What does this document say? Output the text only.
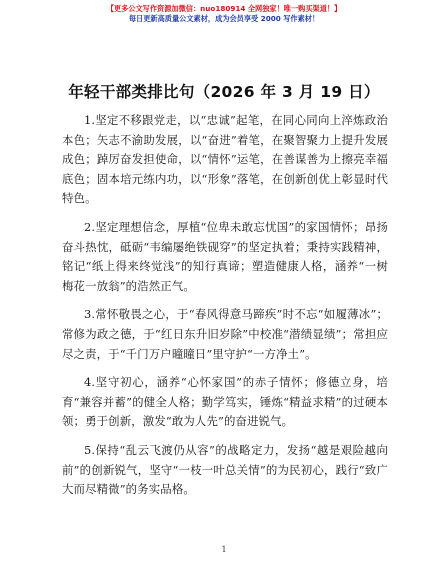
【更多公文写作资源加微信：nuo180914 全网独家！唯一购买渠道！】
每日更新高质量公文素材，成为会员享受 2000 写作素材！
年轻干部类排比句（2026 年 3 月 19 日）

1.坚定不移跟党走，以“忠诚”起笔，在同心同向上淬炼政治本色；矢志不渝助发展，以“奋进”着笔，在聚智聚力上提升发展成色；踔厉奋发担使命，以“情怀”运笔，在善谋善为上擦亮幸福底色；固本培元练内功，以“形象”落笔，在创新创优上彰显时代特色。

2.坚定理想信念，厚植“位卑未敢忘忧国”的家国情怀；昂扬奋斗热忱，砥砺“韦编屡绝铁砚穿”的坚定执着；秉持实践精神，铭记“纸上得来终觉浅”的知行真谛；塑造健康人格，涵养“一树梅花一放翁”的浩然正气。

3.常怀敬畏之心，于“春风得意马蹄疾”时不忘“如履薄冰”；常修为政之德，于“红日东升旧岁除”中校准“潜绩显绩”；常担应尽之责，于“千门万户曈曈日”里守护“一方净土”。

4.坚守初心，涵养“心怀家国”的赤子情怀；修德立身，培育“兼容并蓄”的健全人格；勤学笃实，锤炼“精益求精”的过硬本领；勇于创新，激发“敢为人先”的奋进锐气。

5.保持“乱云飞渡仍从容”的战略定力，发扬“越是艰险越向前”的创新锐气，坚守“一枝一叶总关情”的为民初心，践行“致广大而尽精微”的务实品格。

1
